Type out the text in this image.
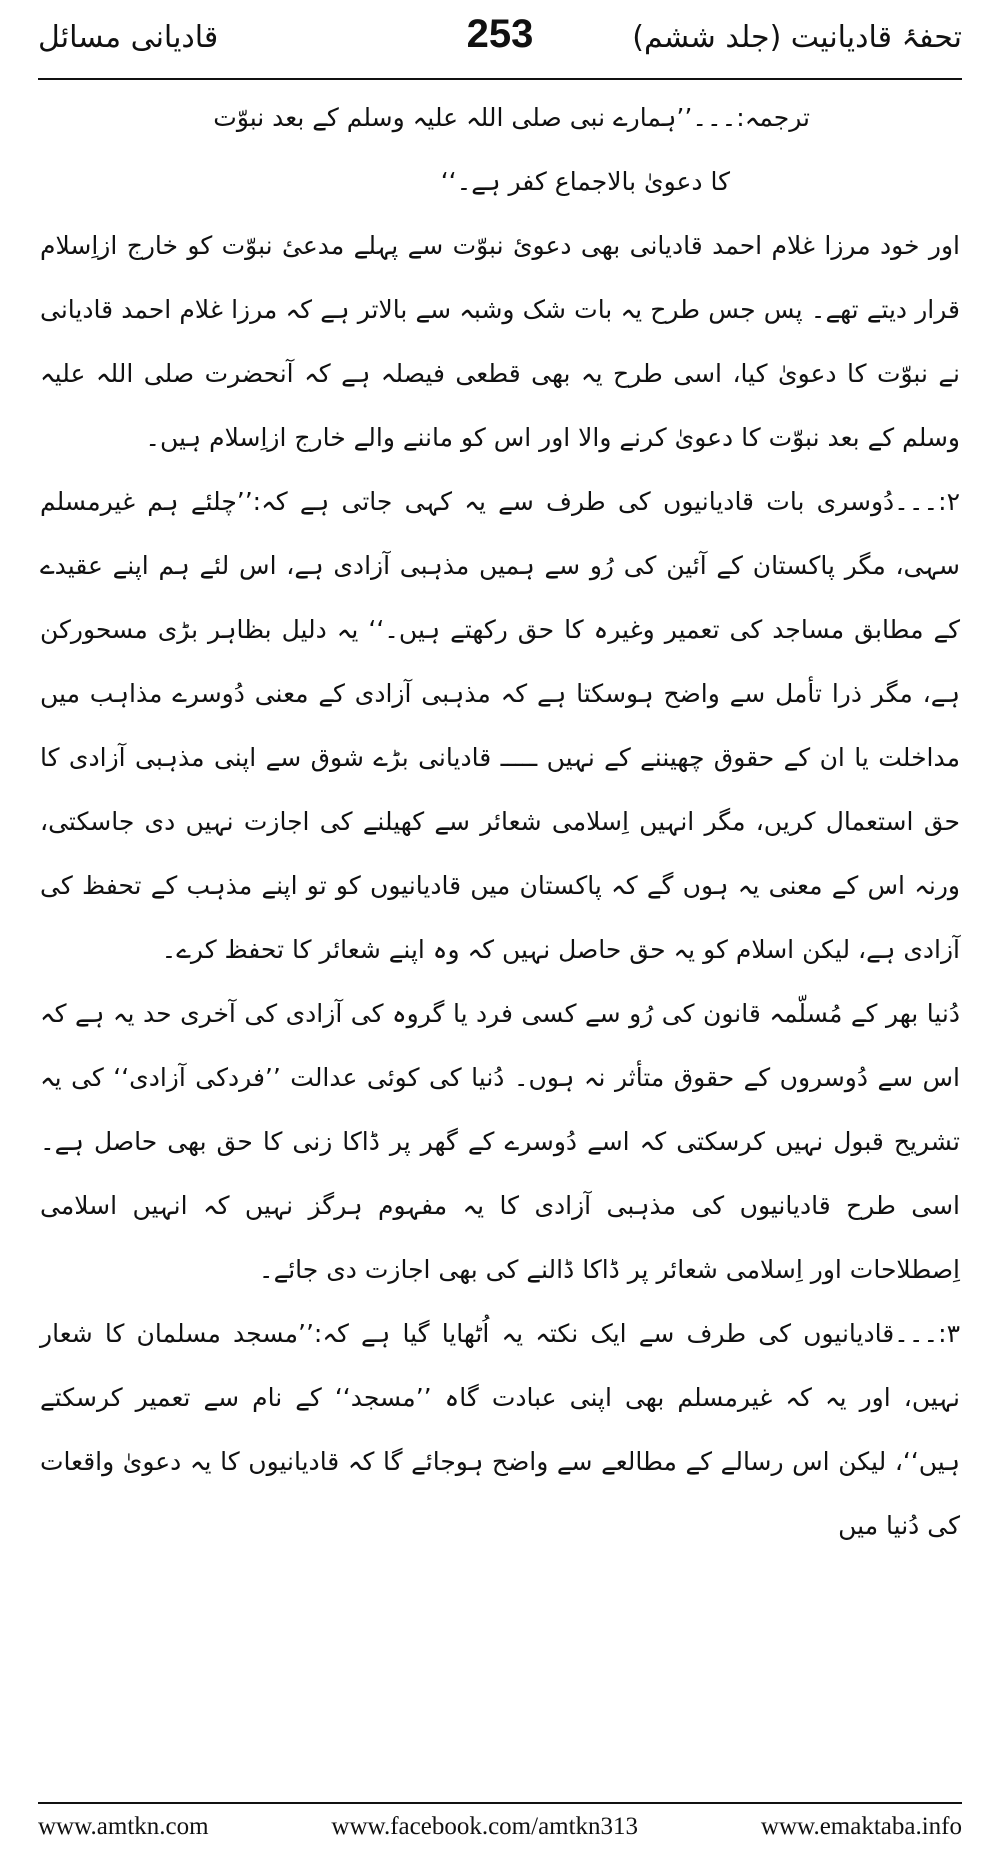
تحفۂ قادیانیت (جلد ششم)
253
قادیانی مسائل

ترجمہ:۔۔۔’’ہمارے نبی صلی اللہ علیہ وسلم کے بعد نبوّت

کا دعویٰ بالاجماع کفر ہے۔‘‘

اور خود مرزا غلام احمد قادیانی بھی دعویٔ نبوّت سے پہلے مدعیٔ نبوّت کو خارج ازاِسلام قرار دیتے تھے۔ پس جس طرح یہ بات شک وشبہ سے بالاتر ہے کہ مرزا غلام احمد قادیانی نے نبوّت کا دعویٰ کیا، اسی طرح یہ بھی قطعی فیصلہ ہے کہ آنحضرت صلی اللہ علیہ وسلم کے بعد نبوّت کا دعویٰ کرنے والا اور اس کو ماننے والے خارج ازاِسلام ہیں۔

۲:۔۔۔دُوسری بات قادیانیوں کی طرف سے یہ کہی جاتی ہے کہ:’’چلئے ہم غیرمسلم سہی، مگر پاکستان کے آئین کی رُو سے ہمیں مذہبی آزادی ہے، اس لئے ہم اپنے عقیدے کے مطابق مساجد کی تعمیر وغیرہ کا حق رکھتے ہیں۔‘‘ یہ دلیل بظاہر بڑی مسحورکن ہے، مگر ذرا تأمل سے واضح ہوسکتا ہے کہ مذہبی آزادی کے معنی دُوسرے مذاہب میں مداخلت یا ان کے حقوق چھیننے کے نہیں ـــــ قادیانی بڑے شوق سے اپنی مذہبی آزادی کا حق استعمال کریں، مگر انہیں اِسلامی شعائر سے کھیلنے کی اجازت نہیں دی جاسکتی، ورنہ اس کے معنی یہ ہوں گے کہ پاکستان میں قادیانیوں کو تو اپنے مذہب کے تحفظ کی آزادی ہے، لیکن اسلام کو یہ حق حاصل نہیں کہ وہ اپنے شعائر کا تحفظ کرے۔

دُنیا بھر کے مُسلّمہ قانون کی رُو سے کسی فرد یا گروہ کی آزادی کی آخری حد یہ ہے کہ اس سے دُوسروں کے حقوق متأثر نہ ہوں۔ دُنیا کی کوئی عدالت ’’فردکی آزادی‘‘ کی یہ تشریح قبول نہیں کرسکتی کہ اسے دُوسرے کے گھر پر ڈاکا زنی کا حق بھی حاصل ہے۔ اسی طرح قادیانیوں کی مذہبی آزادی کا یہ مفہوم ہرگز نہیں کہ انہیں اسلامی اِصطلاحات اور اِسلامی شعائر پر ڈاکا ڈالنے کی بھی اجازت دی جائے۔

۳:۔۔۔قادیانیوں کی طرف سے ایک نکتہ یہ اُٹھایا گیا ہے کہ:’’مسجد مسلمان کا شعار نہیں، اور یہ کہ غیرمسلم بھی اپنی عبادت گاہ ’’مسجد‘‘ کے نام سے تعمیر کرسکتے ہیں‘‘، لیکن اس رسالے کے مطالعے سے واضح ہوجائے گا کہ قادیانیوں کا یہ دعویٰ واقعات کی دُنیا میں

www.amtkn.com	www.facebook.com/amtkn313	www.emaktaba.info
